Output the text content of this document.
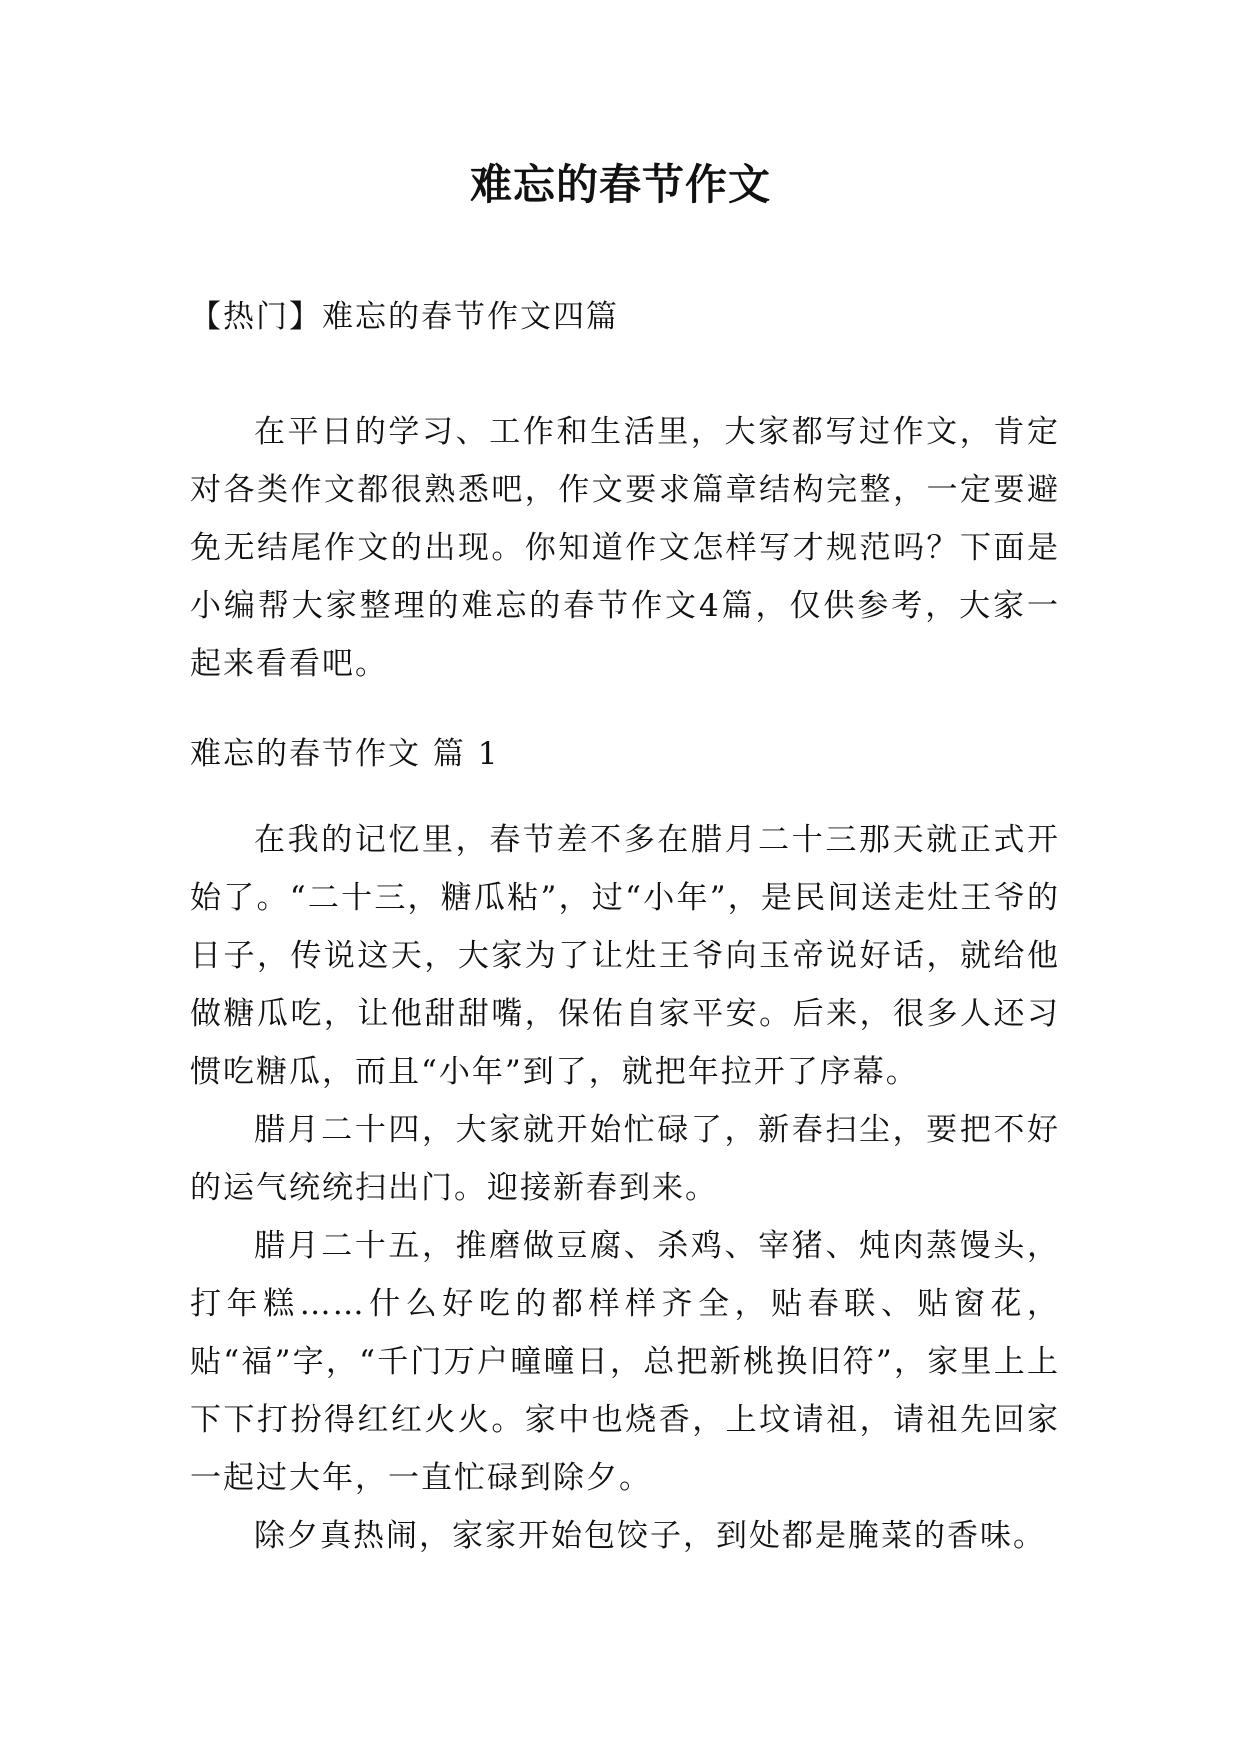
难忘的春节作文
【热门】难忘的春节作文四篇
在平日的学习、工作和生活里，大家都写过作文，肯定对各类作文都很熟悉吧，作文要求篇章结构完整，一定要避免无结尾作文的出现。你知道作文怎样写才规范吗？下面是小编帮大家整理的难忘的春节作文4篇，仅供参考，大家一起来看看吧。
难忘的春节作文 篇 1

在我的记忆里，春节差不多在腊月二十三那天就正式开始了。“二十三，糖瓜粘”，过“小年”，是民间送走灶王爷的日子，传说这天，大家为了让灶王爷向玉帝说好话，就给他做糖瓜吃，让他甜甜嘴，保佑自家平安。后来，很多人还习惯吃糖瓜，而且“小年”到了，就把年拉开了序幕。

腊月二十四，大家就开始忙碌了，新春扫尘，要把不好的运气统统扫出门。迎接新春到来。

腊月二十五，推磨做豆腐、杀鸡、宰猪、炖肉蒸馒头，打年糕……什么好吃的都样样齐全，贴春联、贴窗花，贴“福”字，“千门万户曈曈日，总把新桃换旧符”，家里上上下下打扮得红红火火。家中也烧香，上坟请祖，请祖先回家一起过大年，一直忙碌到除夕。

除夕真热闹，家家开始包饺子，到处都是腌菜的香味。
